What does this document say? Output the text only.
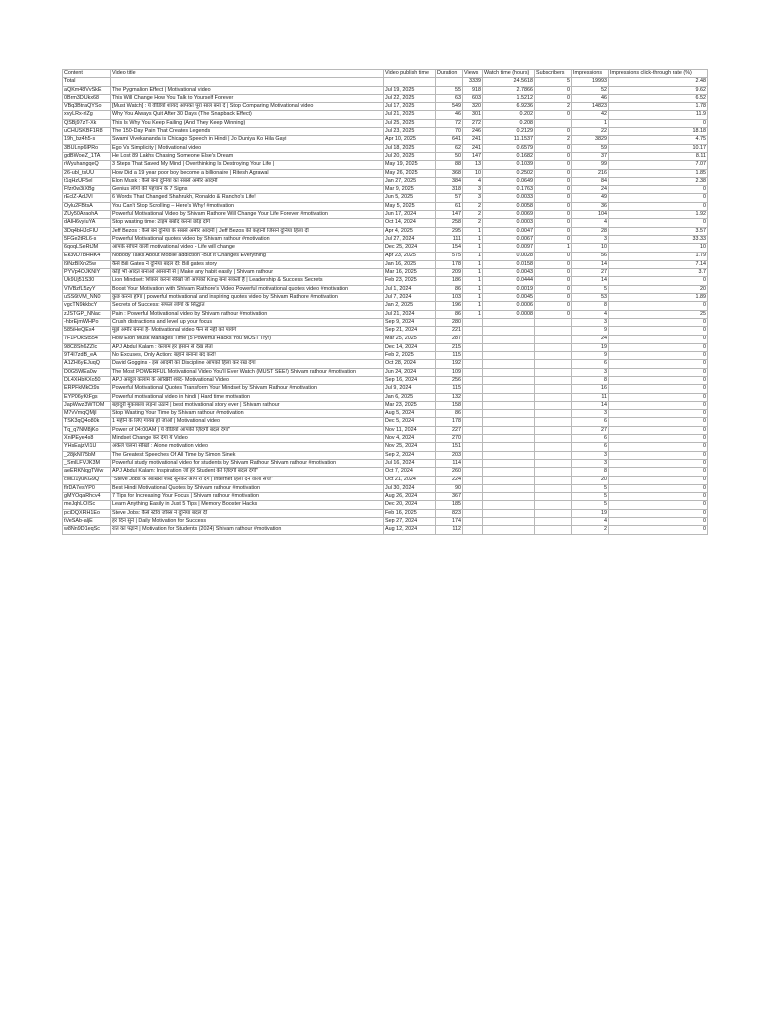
Content	Video title	Video publish time	Duration	Views	Watch time (hours)	Subscribers	Impressions	Impressions click-through rate (%)
Total				3339	24.5618	5	19993	2.48
aQKm48VvSkE	The Pygmalion Effect | Motivational video	Jul 19, 2025	55	918	2.7866	0	52	9.62
0Brm3DUkx68	This Will Change How You Talk to Yourself Forever	Jul 22, 2025	63	603	1.5212	0	46	6.52
VBq3BtraQYSo	[Must Watch] : ये वीडियो शायद आपका पूरा साल बना दे | Stop Comparing Motivational video	Jul 17, 2025	549	320	6.9236	2	14823	1.78
xvyLRx-rlZg	Why You Always Quit After 30 Days (The Snapback Effect)	Jul 21, 2025	46	301	0.202	0	42	11.9
QSBj97zT-Xk	This Is Why You Keep Failing (And They Keep Winning)	Jul 25, 2025	72	272	0.208		1	0
uCHUSKBF1R8	The 150-Day Pain That Creates Legends	Jul 23, 2025	70	246	0.2129	0	22	18.18
19h_bz4h5-s	Swami Vivekananda is Chicago Speech in Hindi | Jo Duniya Ko Hila Gayi	Apr 10, 2025	641	241	11.1537	2	3829	4.75
3BULnp6lPRo	Ego Vs Simplicity | Motivational video	Jul 18, 2025	62	241	0.6579	0	59	10.17
gdBWoeZ_1TA	He Lost 89 Lakhs Chasing Someone Else's Dream	Jul 20, 2025	50	147	0.1682	0	37	8.11
rWyuhangqeQ	3 Steps That Saved My Mind | Overthinking Is Destroying Your Life |	May 19, 2025	88	13	0.1039	0	99	7.07
26-ubl_tsUU	How Did a 19 year poor boy become a billionaire | Ritesh Agrawal	May 26, 2025	368	10	0.2502	0	216	1.85
t1qHzUF5el	Elon Musk : कैसे बना दुनिया का सबसे अमीर आदमी	Jan 27, 2025	384	4	0.0649	0	84	2.38
Ffzr0w3iXBg	Genius लोगों की पहचान के 7 Signs	Mar 9, 2025	318	3	0.1763	0	24	0
rEclZ-AdJVI	6 Words That Changed Shahrukh, Ronaldo & Rancho's Life!	Jun 5, 2025	57	3	0.0033	0	49	0
Oylu2FBtsA	You Can't Stop Scrolling – Here's Why! #motivation	May 5, 2025	61	2	0.0058	0	36	0
ZUy50AraohA	Powerful Motivational Video by Shivam Rathore Will Change Your Life Forever #motivation	Jun 17, 2024	147	2	0.0069	0	104	1.92
dAIH6vyiuYA	Stop wasting time: टाइम बर्बाद करना छोड़ दोगे	Oct 14, 2024	258	2	0.0003	0	4	0
3Dq4bHJcFIU	Jeff Bezos : कैसे बने दुनिया के सबसे अमीर आदमी | Jeff Bezos की कहानी जिसने दुनिया हिला दी	Apr 4, 2025	295	1	0.0047	0	28	3.57
5FGe2tRL6-s	Powerful Motivational quotes video by Shivam rathour #motivation	Jul 27, 2024	111	1	0.0067	0	3	33.33
6qoqLSeRtJM	आपके सोचने वाली motivational video - Life will change	Dec 25, 2024	154	1	0.0097	1	10	10
Ek3vD7bHHK4	Nobody Talks About Mobile addiction -But It Changes Everything	Apr 23, 2025	575	1	0.0028	0	56	1.79
l9NzBlXn25w	कैसे Bill Gates ने दुनिया बदल दी: Bill gates story	Jan 16, 2025	178	1	0.0158	0	14	7.14
PYVp4OJKNIY	कोई भी आदत बनाओ आसानी से | Make any habit easily | Shivam rathour	Mar 16, 2025	209	1	0.0043	0	27	3.7
Uk9Uj51S30	Lion Mindset: शिकार करना सीखो जो आपको King बना सकती है | Leadership & Success Secrets	Feb 23, 2025	186	1	0.0444	0	14	0
VIVBzfL5zyY	Boost Your Motivation with Shivam Rathore's Video Powerful motivational quotes video #motivation	Jul 1, 2024	86	1	0.0019	0	5	20
uSS6tVM_NN0	कुछ करना होगा | powerful motivational and inspiring quotes video by Shivam Rathore #motivation	Jul 7, 2024	103	1	0.0045	0	53	1.89
vgcTN9kkbcY	Secrets of Success: सफल लोगों के सिद्धांत	Jan 2, 2025	196	1	0.0006	0	8	0
zJSTGP_NNac	Pain : Powerful Motivational video by Shivam rathour #motivation	Jul 21, 2024	86	1	0.0008	0	4	25
-hbrEjmWHPo	Crush distractions and level up your focus	Sep 9, 2024	280				3	0
585iHeQEs4	मुझे अमीर बनना है- Motivational video फैन से नहीं को पायेंगे	Sep 21, 2024	221				9	0
7F1POkSt554	How Elon Musk Manages Time (5 Powerful Hacks You MUST Try!)	Mar 25, 2025	287				24	0
98C8Sh6ZZIc	APJ Abdul Kalam : कलाम हर इंसान से देख लेता	Dec 14, 2024	215				19	0
9T4I7zdB_eA	No Excuses, Only Action: बहाने बनाना बंद करो!	Feb 2, 2025	115				9	0
A1ZH6yEJuqQ	David Goggins - इस आदमी का Discipline आपको हिला कर रख देगा	Oct 28, 2024	192				6	0
D0G5WEa0w	The Most POWERFUL Motivational Video You'll Ever Watch (MUST SEE!) Shivam rathour #motivation	Jun 24, 2024	109				3	0
DL4XHbKXo50	APJ अब्दुल कलाम के आखिरी शब्द- Motivational Video	Sep 16, 2024	256				8	0
ERPFkMkCt9s	Powerful Motivational Quotes Transform Your Mindset by Shivam Rathour #motivation	Jul 9, 2024	115				16	0
EYP06yKtFgs	Powerful motivational video in hindi | Hard time motivation	Jan 6, 2025	132				11	0
JapWwz3WTOM	बहादुरी मुकाबला लड़ना उठाने | best motivational story ever | Shivam rathour	Mar 23, 2025	158				14	0
M7vVmqQMjI	Stop Wasting Your Time by Shivam rathour #motivation	Aug 5, 2024	86				3	0
TSK3qQ4o80k	1 महीने के लिए गायब हो जाओ | Motivational video	Dec 5, 2024	178				6	0
Tq_q7NM8jKo	Power of 04:00AM | ये वीडियो आपकी ज़िंदगी बदल देगा"	Nov 11, 2024	227				27	0
XnlPEye4s8	Mindset Change कर देगा ये Video	Nov 4, 2024	270				6	0
YHsEajzVl1U	अकेले चलना सीखो : Alone motivation video	Nov 25, 2024	151				6	0
_28jkNl75bM	The Greatest Speeches Of All Time by Simon Sinek	Sep 2, 2024	203				3	0
_SmlLFVJK3M	Powerful study motivational video for students by Shivam Rathour Shivam rathour #motivation	Jul 16, 2024	114				3	0
aeERKNqgTWw	APJ Abdul Kalam: Inspiration जो हर Student की ज़िंदगी बदल देगी"	Oct 7, 2024	260				8	0
cMLi1yuKG9Q	"Steve Jobs के आखिरी शब्द सुनकर आप रो देंगे | Internet हिला देने वाला सच!"	Oct 21, 2024	224				20	0
flrDA7esYP0	Best Hindi Motivational Quotes by Shivam rathour #motivation	Jul 30, 2024	90				5	0
gMYOqaRhcv4	7 Tips for Increasing Your Focus | Shivam rathour #motivation	Aug 26, 2024	367				5	0
meJqhLOISc	Learn Anything Easily in Just 5 Tips | Memory Booster Hacks	Dec 20, 2024	185				5	0
pciDQXRH1Eo	Steve Jobs: कैसे स्टीव जॉब्स ने दुनिया बदल दी	Feb 16, 2025	823				19	0
tVeSAb-aljE	हर दिन सुने | Daily Motivation for Success	Sep 27, 2024	174				4	0
w8Nn9D1eqSc	रात का पढ़ाने | Motivation for Students (2024) Shivam rathour #motivation	Aug 12, 2024	112				2	0
